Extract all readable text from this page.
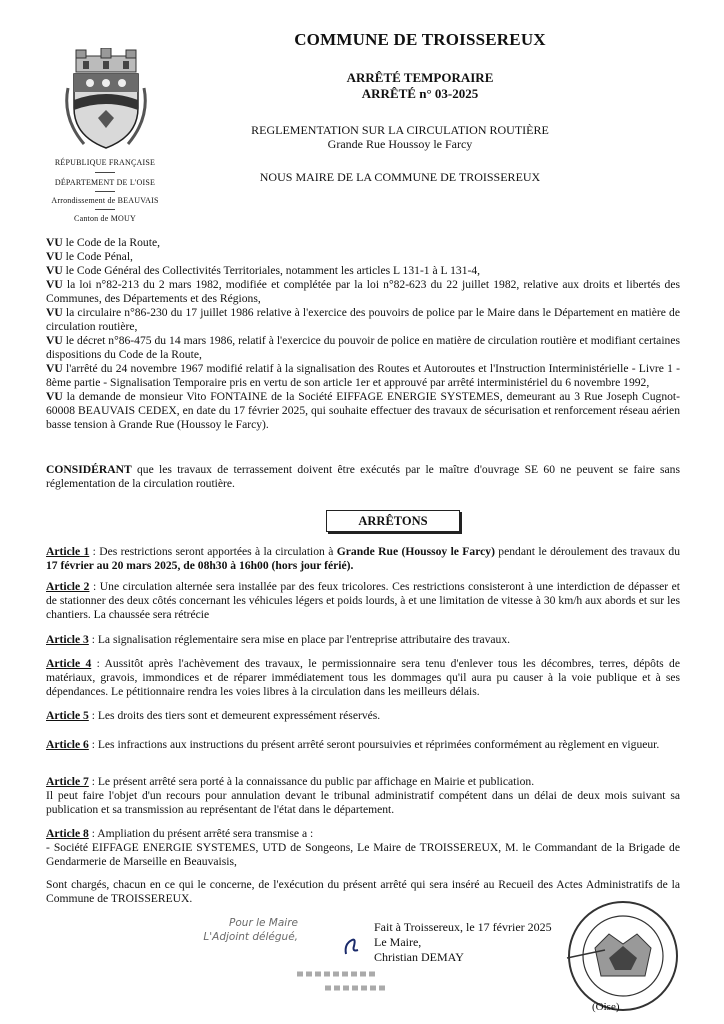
COMMUNE DE TROISSEREUX
ARRÊTÉ TEMPORAIRE
ARRÊTÉ n° 03-2025
REGLEMENTATION SUR LA CIRCULATION ROUTIÈRE
Grande Rue Houssoy le Farcy
NOUS MAIRE DE LA COMMUNE DE TROISSEREUX
RÉPUBLIQUE FRANÇAISE
DÉPARTEMENT DE L'OISE
Arrondissement de BEAUVAIS
Canton de MOUY
VU le Code de la Route,
VU le Code Pénal,
VU le Code Général des Collectivités Territoriales, notamment les articles L 131-1 à L 131-4,
VU la loi n°82-213 du 2 mars 1982, modifiée et complétée par la loi n°82-623 du 22 juillet 1982, relative aux droits et libertés des Communes, des Départements et des Régions,
VU la circulaire n°86-230 du 17 juillet 1986 relative à l'exercice des pouvoirs de police par le Maire dans le Département en matière de circulation routière,
VU le décret n°86-475 du 14 mars 1986, relatif à l'exercice du pouvoir de police en matière de circulation routière et modifiant certaines dispositions du Code de la Route,
VU l'arrêté du 24 novembre 1967 modifié relatif à la signalisation des Routes et Autoroutes et l'Instruction Interministérielle - Livre 1 - 8ème partie - Signalisation Temporaire pris en vertu de son article 1er et approuvé par arrêté interministériel du 6 novembre 1992,
VU la demande de monsieur Vito FONTAINE de la Société EIFFAGE ENERGIE SYSTEMES, demeurant au 3 Rue Joseph Cugnot-60008 BEAUVAIS CEDEX, en date du 17 février 2025, qui souhaite effectuer des travaux de sécurisation et renforcement réseau aérien basse tension à Grande Rue (Houssoy le Farcy).
CONSIDÉRANT que les travaux de terrassement doivent être exécutés par le maître d'ouvrage SE 60 ne peuvent se faire sans réglementation de la circulation routière.
ARRÊTONS
Article 1 : Des restrictions seront apportées à la circulation à Grande Rue (Houssoy le Farcy) pendant le déroulement des travaux du 17 février au 20 mars 2025, de 08h30 à 16h00 (hors jour férié).
Article 2 : Une circulation alternée sera installée par des feux tricolores. Ces restrictions consisteront à une interdiction de dépasser et de stationner des deux côtés concernant les véhicules légers et poids lourds, à et une limitation de vitesse à 30 km/h aux abords et sur les chantiers. La chaussée sera rétrécie
Article 3 : La signalisation réglementaire sera mise en place par l'entreprise attributaire des travaux.
Article 4 : Aussitôt après l'achèvement des travaux, le permissionnaire sera tenu d'enlever tous les décombres, terres, dépôts de matériaux, gravois, immondices et de réparer immédiatement tous les dommages qu'il aura pu causer à la voie publique et à ses dépendances. Le pétitionnaire rendra les voies libres à la circulation dans les meilleurs délais.
Article 5 : Les droits des tiers sont et demeurent expressément réservés.
Article 6 : Les infractions aux instructions du présent arrêté seront poursuivies et réprimées conformément au règlement en vigueur.
Article 7 : Le présent arrêté sera porté à la connaissance du public par affichage en Mairie et publication.
Il peut faire l'objet d'un recours pour annulation devant le tribunal administratif compétent dans un délai de deux mois suivant sa publication et sa transmission au représentant de l'état dans le département.
Article 8 : Ampliation du présent arrêté sera transmise a :
- Société EIFFAGE ENERGIE SYSTEMES, UTD de Songeons, Le Maire de TROISSEREUX, M. le Commandant de la Brigade de Gendarmerie de Marseille en Beauvaisis,
Sont chargés, chacun en ce qui le concerne, de l'exécution du présent arrêté qui sera inséré au Recueil des Actes Administratifs de la Commune de TROISSEREUX.
Fait à Troissereux, le 17 février 2025
Le Maire,
Christian DEMAY
Pour le Maire
L'Adjoint délégué,
(Oise)
